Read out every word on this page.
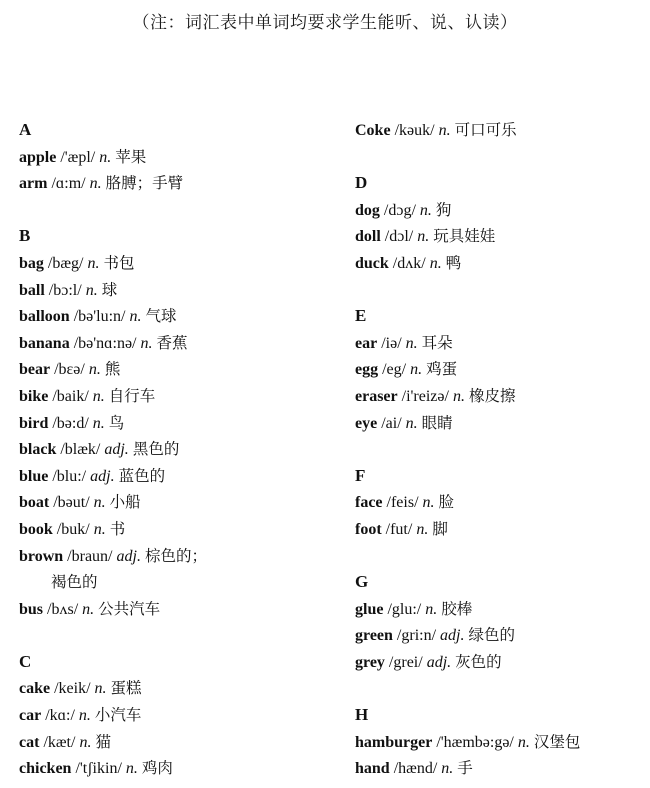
（注：词汇表中单词均要求学生能听、说、认读）
A
apple /'æpl/ n. 苹果
arm /ɑ:m/ n. 胳膊；手臂
B
bag /bæg/ n. 书包
ball /bɔ:l/ n. 球
balloon /bə'lu:n/ n. 气球
banana /bə'nɑ:nə/ n. 香蕉
bear /bεə/ n. 熊
bike /baik/ n. 自行车
bird /bə:d/ n. 鸟
black /blæk/ adj. 黑色的
blue /blu:/ adj. 蓝色的
boat /bəut/ n. 小船
book /buk/ n. 书
brown /braun/ adj. 棕色的；
褐色的
bus /bʌs/ n. 公共汽车
C
cake /keik/ n. 蛋糕
car /kɑ:/ n. 小汽车
cat /kæt/ n. 猫
chicken /'tʃikin/ n. 鸡肉
Coke /kəuk/ n. 可口可乐
D
dog /dɔg/ n. 狗
doll /dɔl/ n. 玩具娃娃
duck /dʌk/ n. 鸭
E
ear /iə/ n. 耳朵
egg /eg/ n. 鸡蛋
eraser /i'reizə/ n. 橡皮擦
eye /ai/ n. 眼睛
F
face /feis/ n. 脸
foot /fut/ n. 脚
G
glue /glu:/ n. 胶棒
green /gri:n/ adj. 绿色的
grey /grei/ adj. 灰色的
H
hamburger /'hæmbə:gə/ n. 汉堡包
hand /hænd/ n. 手
